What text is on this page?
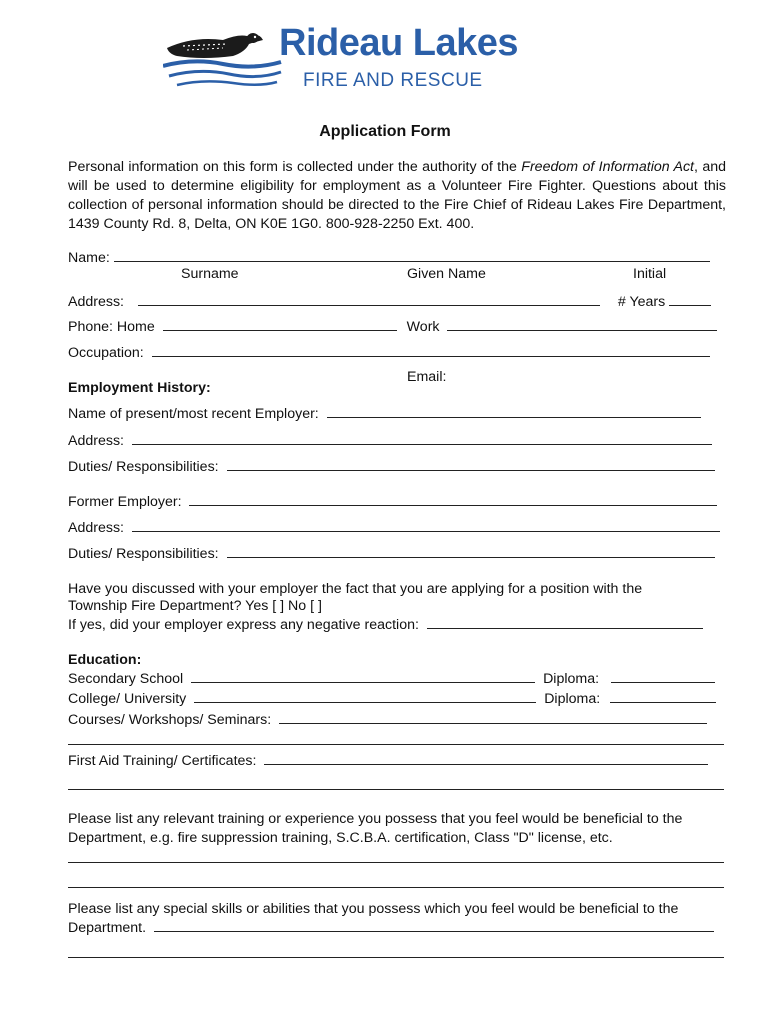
Rideau Lakes
FIRE AND RESCUE
Application Form
Personal information on this form is collected under the authority of the Freedom of Information Act, and will be used to determine eligibility for employment as a Volunteer Fire Fighter. Questions about this collection of personal information should be directed to the Fire Chief of Rideau Lakes Fire Department, 1439 County Rd. 8, Delta, ON K0E 1G0. 800-928-2250 Ext. 400.
Name:
Surname	Given Name	Initial
Address:	# Years
Phone: Home	Work
Occupation:
Email:
Employment History:
Name of present/most recent Employer:
Address:
Duties/ Responsibilities:
Former Employer:
Address:
Duties/ Responsibilities:
Have you discussed with your employer the fact that you are applying for a position with the
Township Fire Department? Yes [ ] No [ ]
If yes, did your employer express any negative reaction:
Education:
Secondary School	Diploma:
College/ University	Diploma:
Courses/ Workshops/ Seminars:
First Aid Training/ Certificates:
Please list any relevant training or experience you possess that you feel would be beneficial to the Department, e.g. fire suppression training, S.C.B.A. certification, Class "D" license, etc.
Please list any special skills or abilities that you possess which you feel would be beneficial to the
Department.
